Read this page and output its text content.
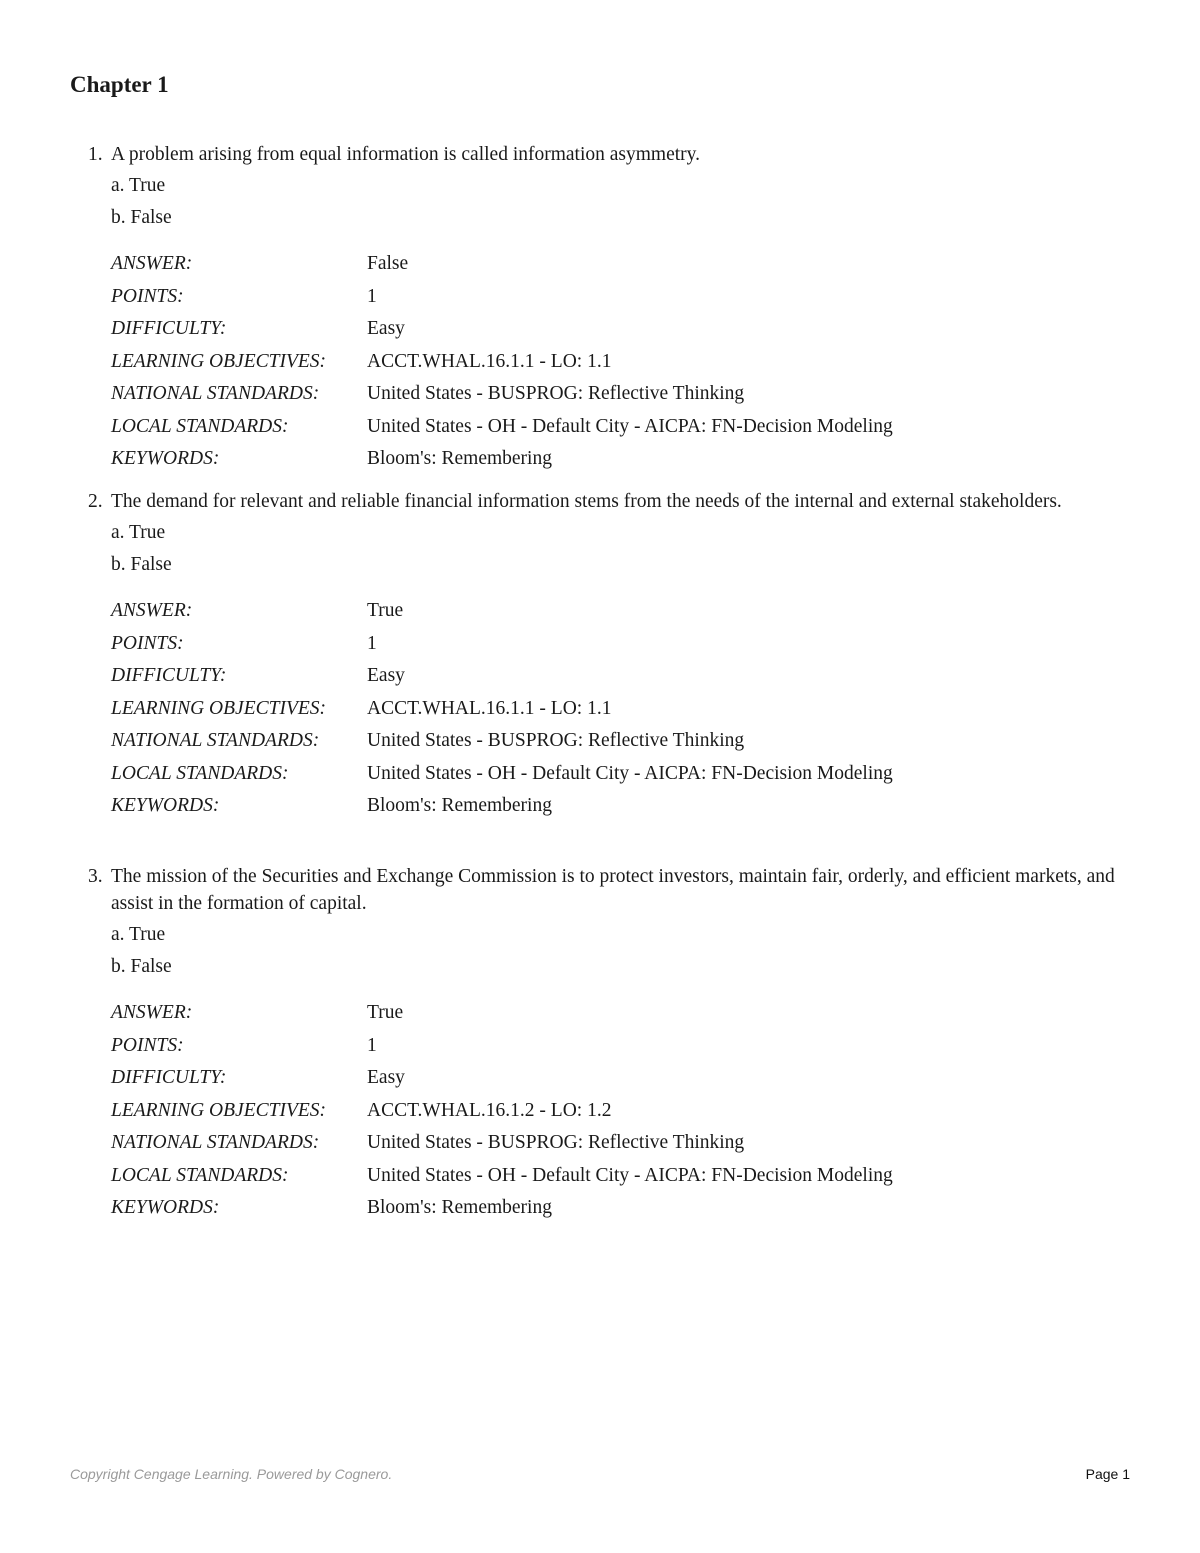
Chapter 1
1. A problem arising from equal information is called information asymmetry.
a. True
b. False
ANSWER:	False
POINTS:	1
DIFFICULTY:	Easy
LEARNING OBJECTIVES:	ACCT.WHAL.16.1.1 - LO: 1.1
NATIONAL STANDARDS:	United States - BUSPROG: Reflective Thinking
LOCAL STANDARDS:	United States - OH - Default City - AICPA: FN-Decision Modeling
KEYWORDS:	Bloom's: Remembering
2. The demand for relevant and reliable financial information stems from the needs of the internal and external stakeholders.
a. True
b. False
ANSWER:	True
POINTS:	1
DIFFICULTY:	Easy
LEARNING OBJECTIVES:	ACCT.WHAL.16.1.1 - LO: 1.1
NATIONAL STANDARDS:	United States - BUSPROG: Reflective Thinking
LOCAL STANDARDS:	United States - OH - Default City - AICPA: FN-Decision Modeling
KEYWORDS:	Bloom's: Remembering
3. The mission of the Securities and Exchange Commission is to protect investors, maintain fair, orderly, and efficient markets, and assist in the formation of capital.
a. True
b. False
ANSWER:	True
POINTS:	1
DIFFICULTY:	Easy
LEARNING OBJECTIVES:	ACCT.WHAL.16.1.2 - LO: 1.2
NATIONAL STANDARDS:	United States - BUSPROG: Reflective Thinking
LOCAL STANDARDS:	United States - OH - Default City - AICPA: FN-Decision Modeling
KEYWORDS:	Bloom's: Remembering
Copyright Cengage Learning. Powered by Cognero.	Page 1
